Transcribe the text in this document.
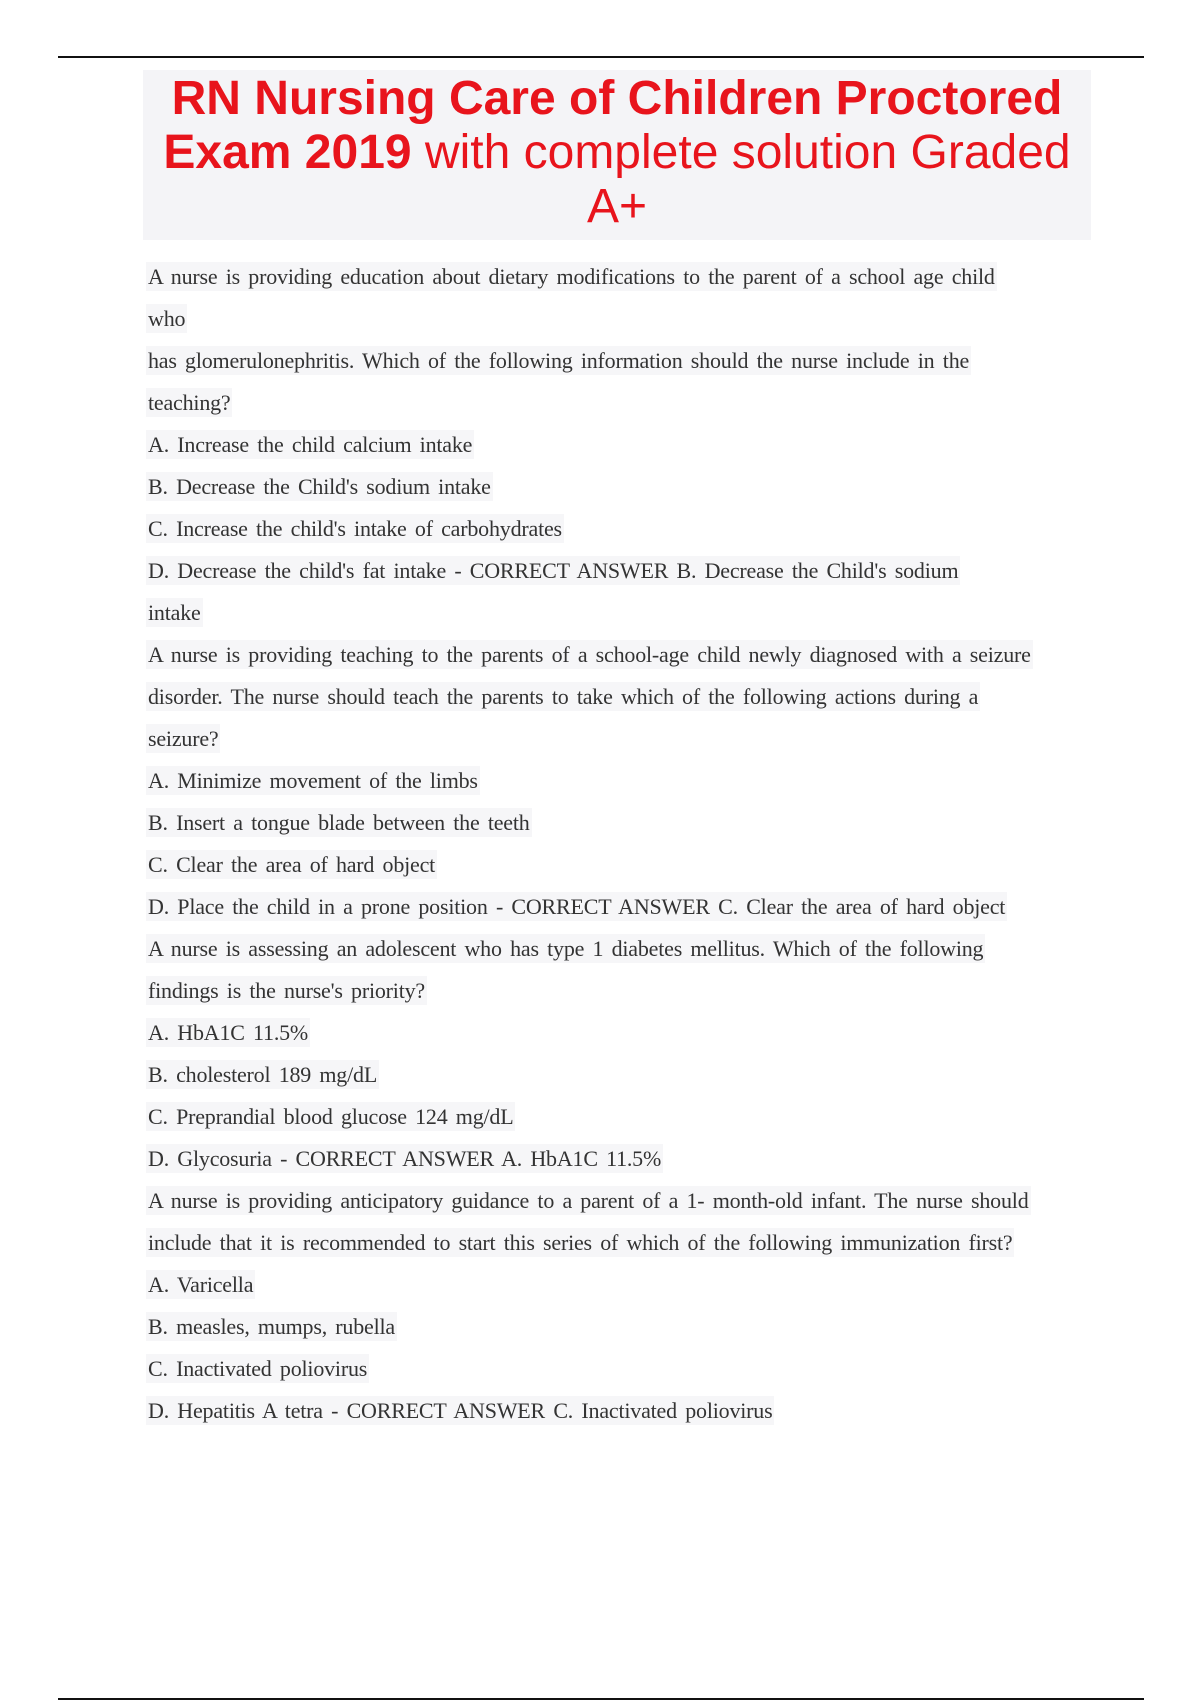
RN Nursing Care of Children Proctored Exam 2019 with complete solution Graded
A+
A nurse is providing education about dietary modifications to the parent of a school age child
who
has glomerulonephritis. Which of the following information should the nurse include in the
teaching?
A. Increase the child calcium intake
B. Decrease the Child's sodium intake
C. Increase the child's intake of carbohydrates
D. Decrease the child's fat intake - CORRECT ANSWER B. Decrease the Child's sodium
intake
A nurse is providing teaching to the parents of a school-age child newly diagnosed with a seizure
disorder. The nurse should teach the parents to take which of the following actions during a
seizure?
A. Minimize movement of the limbs
B. Insert a tongue blade between the teeth
C. Clear the area of hard object
D. Place the child in a prone position - CORRECT ANSWER C. Clear the area of hard object
A nurse is assessing an adolescent who has type 1 diabetes mellitus. Which of the following
findings is the nurse's priority?
A. HbA1C 11.5%
B. cholesterol 189 mg/dL
C. Preprandial blood glucose 124 mg/dL
D. Glycosuria - CORRECT ANSWER A. HbA1C 11.5%
A nurse is providing anticipatory guidance to a parent of a 1- month-old infant. The nurse should
include that it is recommended to start this series of which of the following immunization first?
A. Varicella
B. measles, mumps, rubella
C. Inactivated poliovirus
D. Hepatitis A tetra - CORRECT ANSWER C. Inactivated poliovirus
